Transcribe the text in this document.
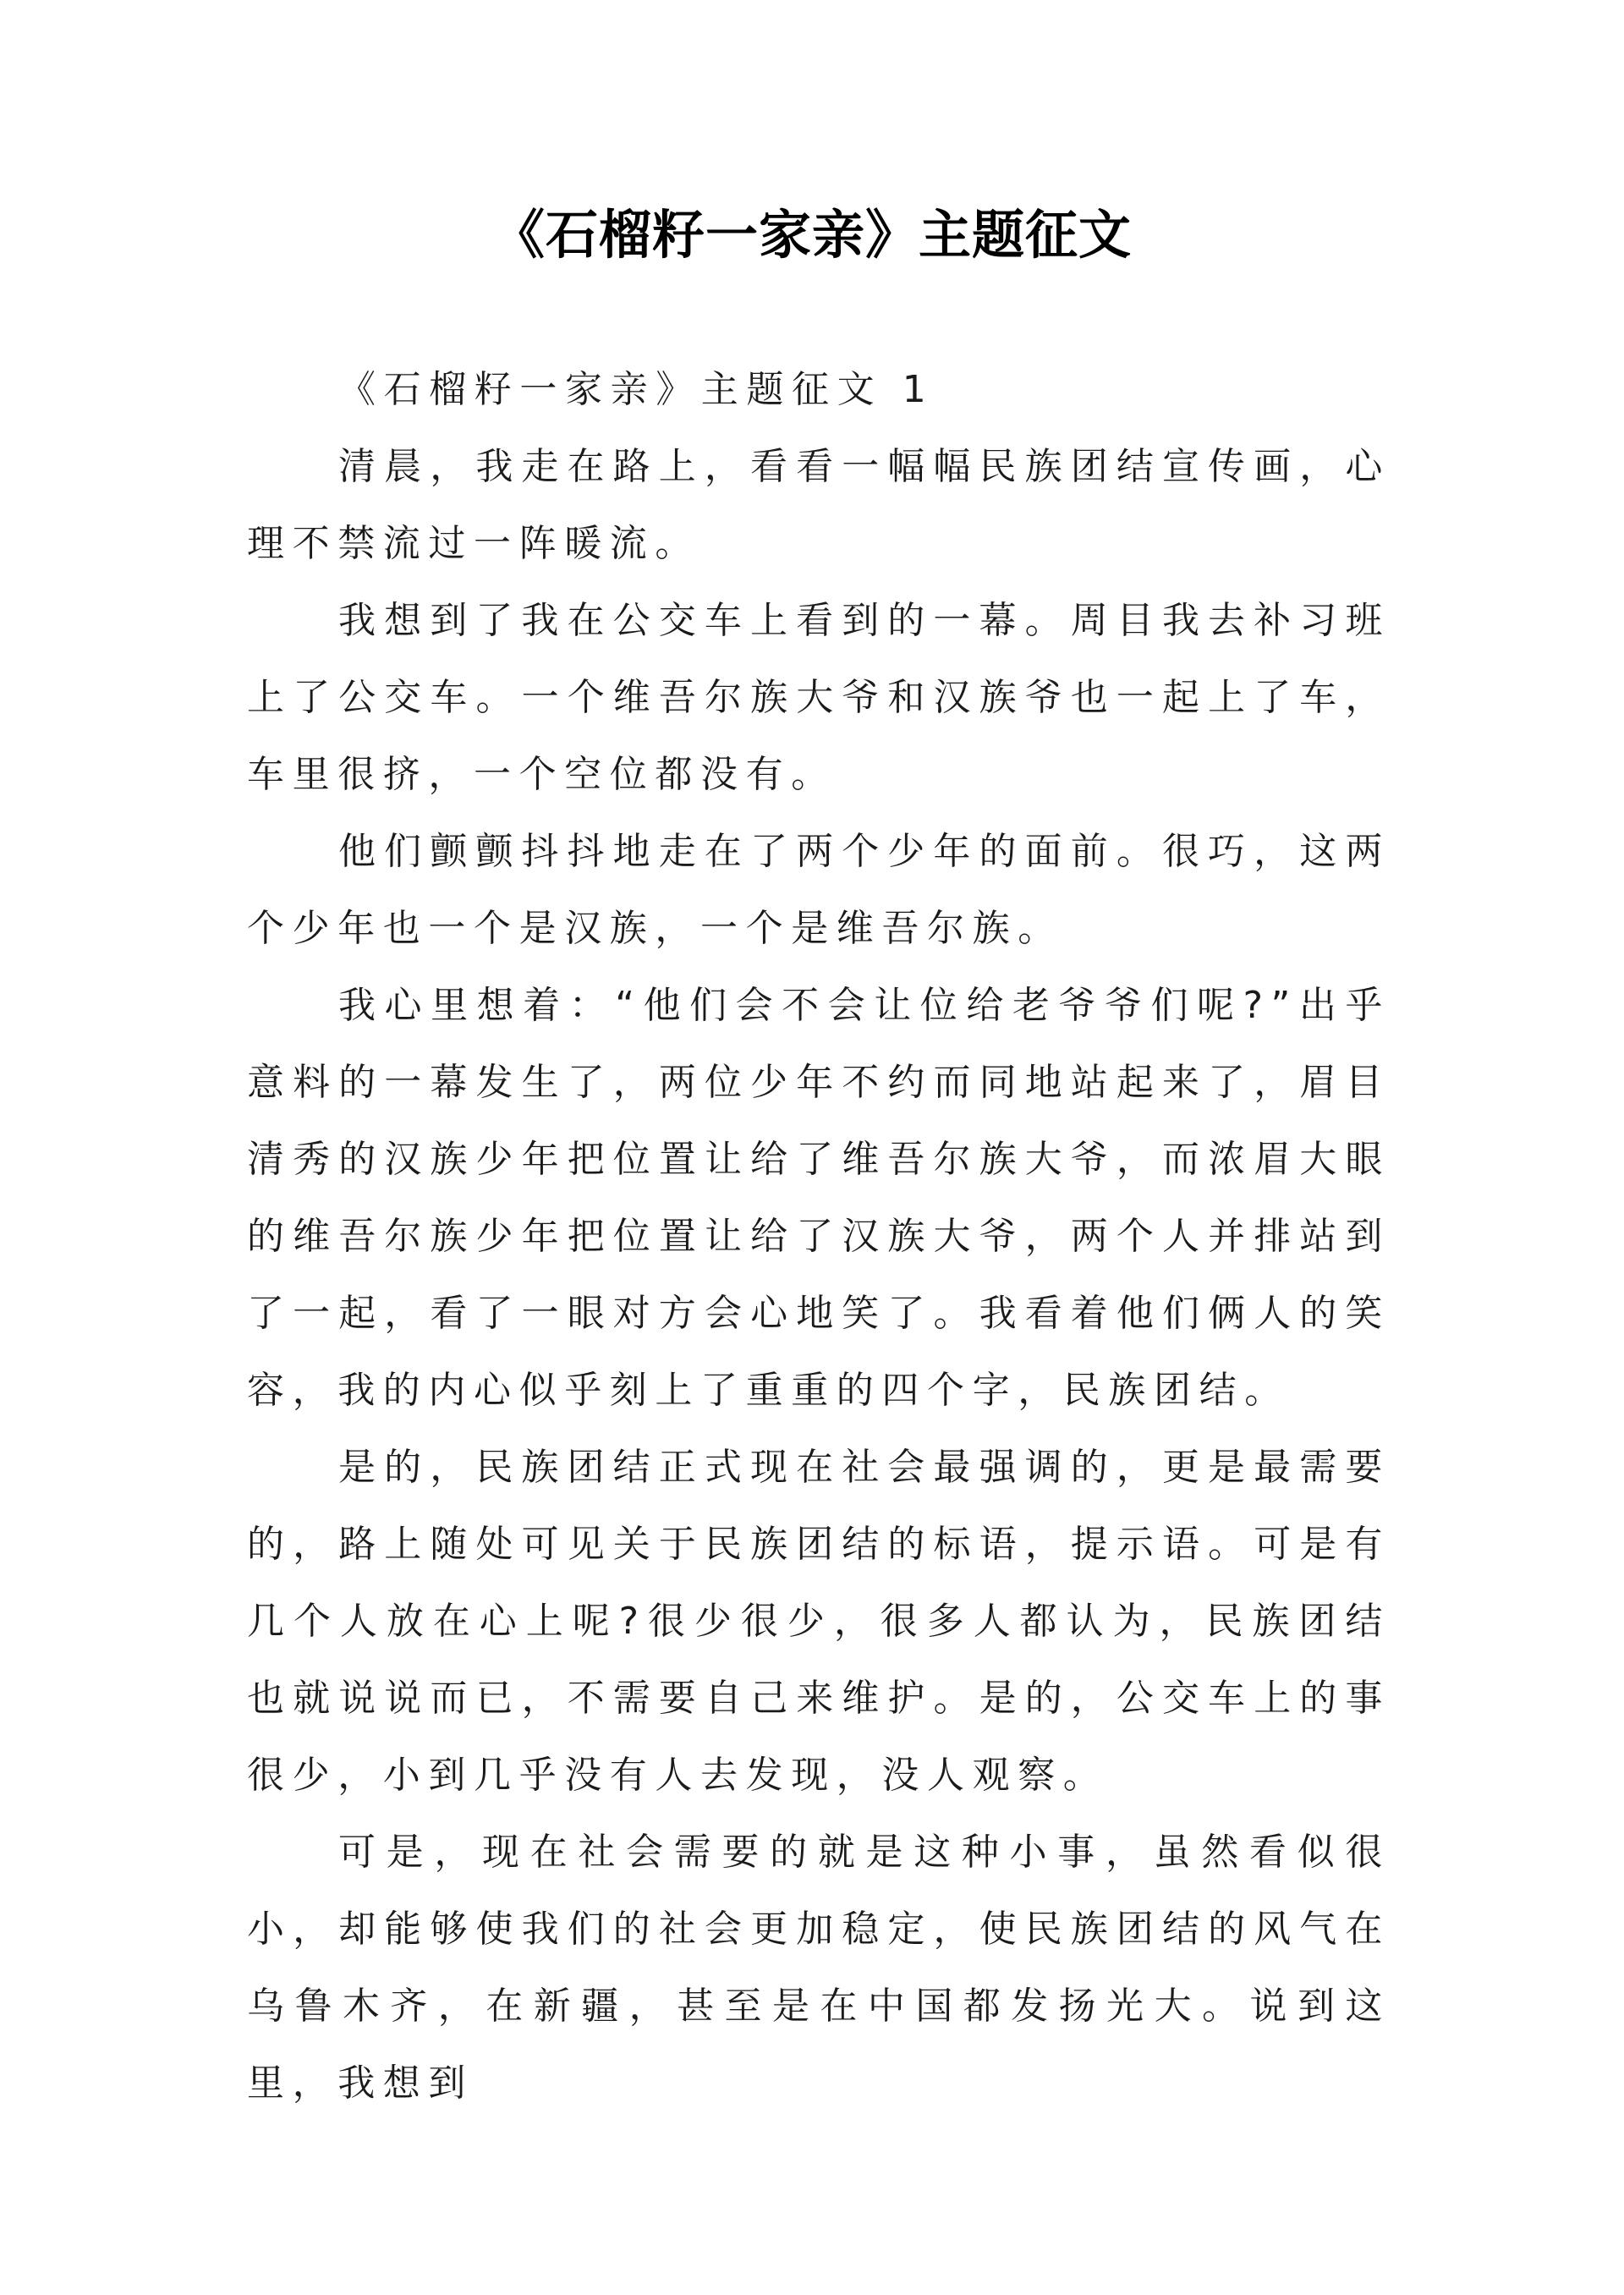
《石榴籽一家亲》主题征文

《石榴籽一家亲》主题征文 1

清晨，我走在路上，看看一幅幅民族团结宣传画，心理不禁流过一阵暖流。

我想到了我在公交车上看到的一幕。周目我去补习班上了公交车。一个维吾尔族大爷和汉族爷也一起上了车，车里很挤，一个空位都没有。

他们颤颤抖抖地走在了两个少年的面前。很巧，这两个少年也一个是汉族，一个是维吾尔族。

我心里想着：“他们会不会让位给老爷爷们呢?”出乎意料的一幕发生了，两位少年不约而同地站起来了，眉目清秀的汉族少年把位置让给了维吾尔族大爷，而浓眉大眼的维吾尔族少年把位置让给了汉族大爷，两个人并排站到了一起，看了一眼对方会心地笑了。我看着他们俩人的笑容，我的内心似乎刻上了重重的四个字，民族团结。

是的，民族团结正式现在社会最强调的，更是最需要的，路上随处可见关于民族团结的标语，提示语。可是有几个人放在心上呢?很少很少，很多人都认为，民族团结也就说说而已，不需要自己来维护。是的，公交车上的事很少，小到几乎没有人去发现，没人观察。

可是，现在社会需要的就是这种小事，虽然看似很小，却能够使我们的社会更加稳定，使民族团结的风气在乌鲁木齐，在新疆，甚至是在中国都发扬光大。说到这里，我想到
